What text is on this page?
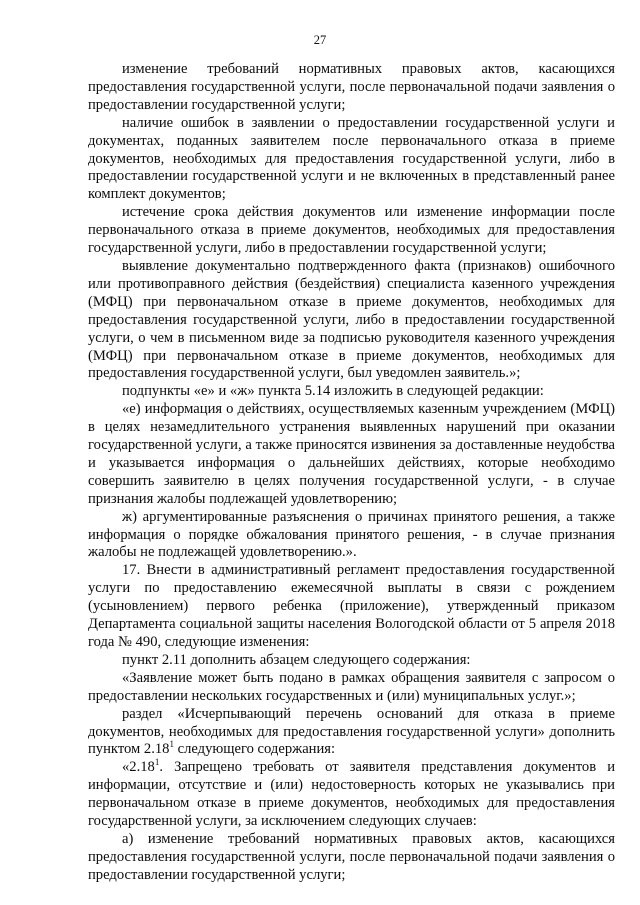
27

изменение требований нормативных правовых актов, касающихся предоставления государственной услуги, после первоначальной подачи заявления о предоставлении государственной услуги;

наличие ошибок в заявлении о предоставлении государственной услуги и документах, поданных заявителем после первоначального отказа в приеме документов, необходимых для предоставления государственной услуги, либо в предоставлении государственной услуги и не включенных в представленный ранее комплект документов;

истечение срока действия документов или изменение информации после первоначального отказа в приеме документов, необходимых для предоставления государственной услуги, либо в предоставлении государственной услуги;

выявление документально подтвержденного факта (признаков) ошибочного или противоправного действия (бездействия) специалиста казенного учреждения (МФЦ) при первоначальном отказе в приеме документов, необходимых для предоставления государственной услуги, либо в предоставлении государственной услуги, о чем в письменном виде за подписью руководителя казенного учреждения (МФЦ) при первоначальном отказе в приеме документов, необходимых для предоставления государственной услуги, был уведомлен заявитель.»;

подпункты «е» и «ж» пункта 5.14 изложить в следующей редакции:

«е) информация о действиях, осуществляемых казенным учреждением (МФЦ) в целях незамедлительного устранения выявленных нарушений при оказании государственной услуги, а также приносятся извинения за доставленные неудобства и указывается информация о дальнейших действиях, которые необходимо совершить заявителю в целях получения государственной услуги, - в случае признания жалобы подлежащей удовлетворению;

ж) аргументированные разъяснения о причинах принятого решения, а также информация о порядке обжалования принятого решения, - в случае признания жалобы не подлежащей удовлетворению.».

17. Внести в административный регламент предоставления государственной услуги по предоставлению ежемесячной выплаты в связи с рождением (усыновлением) первого ребенка (приложение), утвержденный приказом Департамента социальной защиты населения Вологодской области от 5 апреля 2018 года № 490, следующие изменения:

пункт 2.11 дополнить абзацем следующего содержания:

«Заявление может быть подано в рамках обращения заявителя с запросом о предоставлении нескольких государственных и (или) муниципальных услуг.»;

раздел «Исчерпывающий перечень оснований для отказа в приеме документов, необходимых для предоставления государственной услуги» дополнить пунктом 2.18$^1$ следующего содержания:

«2.18$^1$. Запрещено требовать от заявителя представления документов и информации, отсутствие и (или) недостоверность которых не указывались при первоначальном отказе в приеме документов, необходимых для предоставления государственной услуги, за исключением следующих случаев:

а) изменение требований нормативных правовых актов, касающихся предоставления государственной услуги, после первоначальной подачи заявления о предоставлении государственной услуги;
